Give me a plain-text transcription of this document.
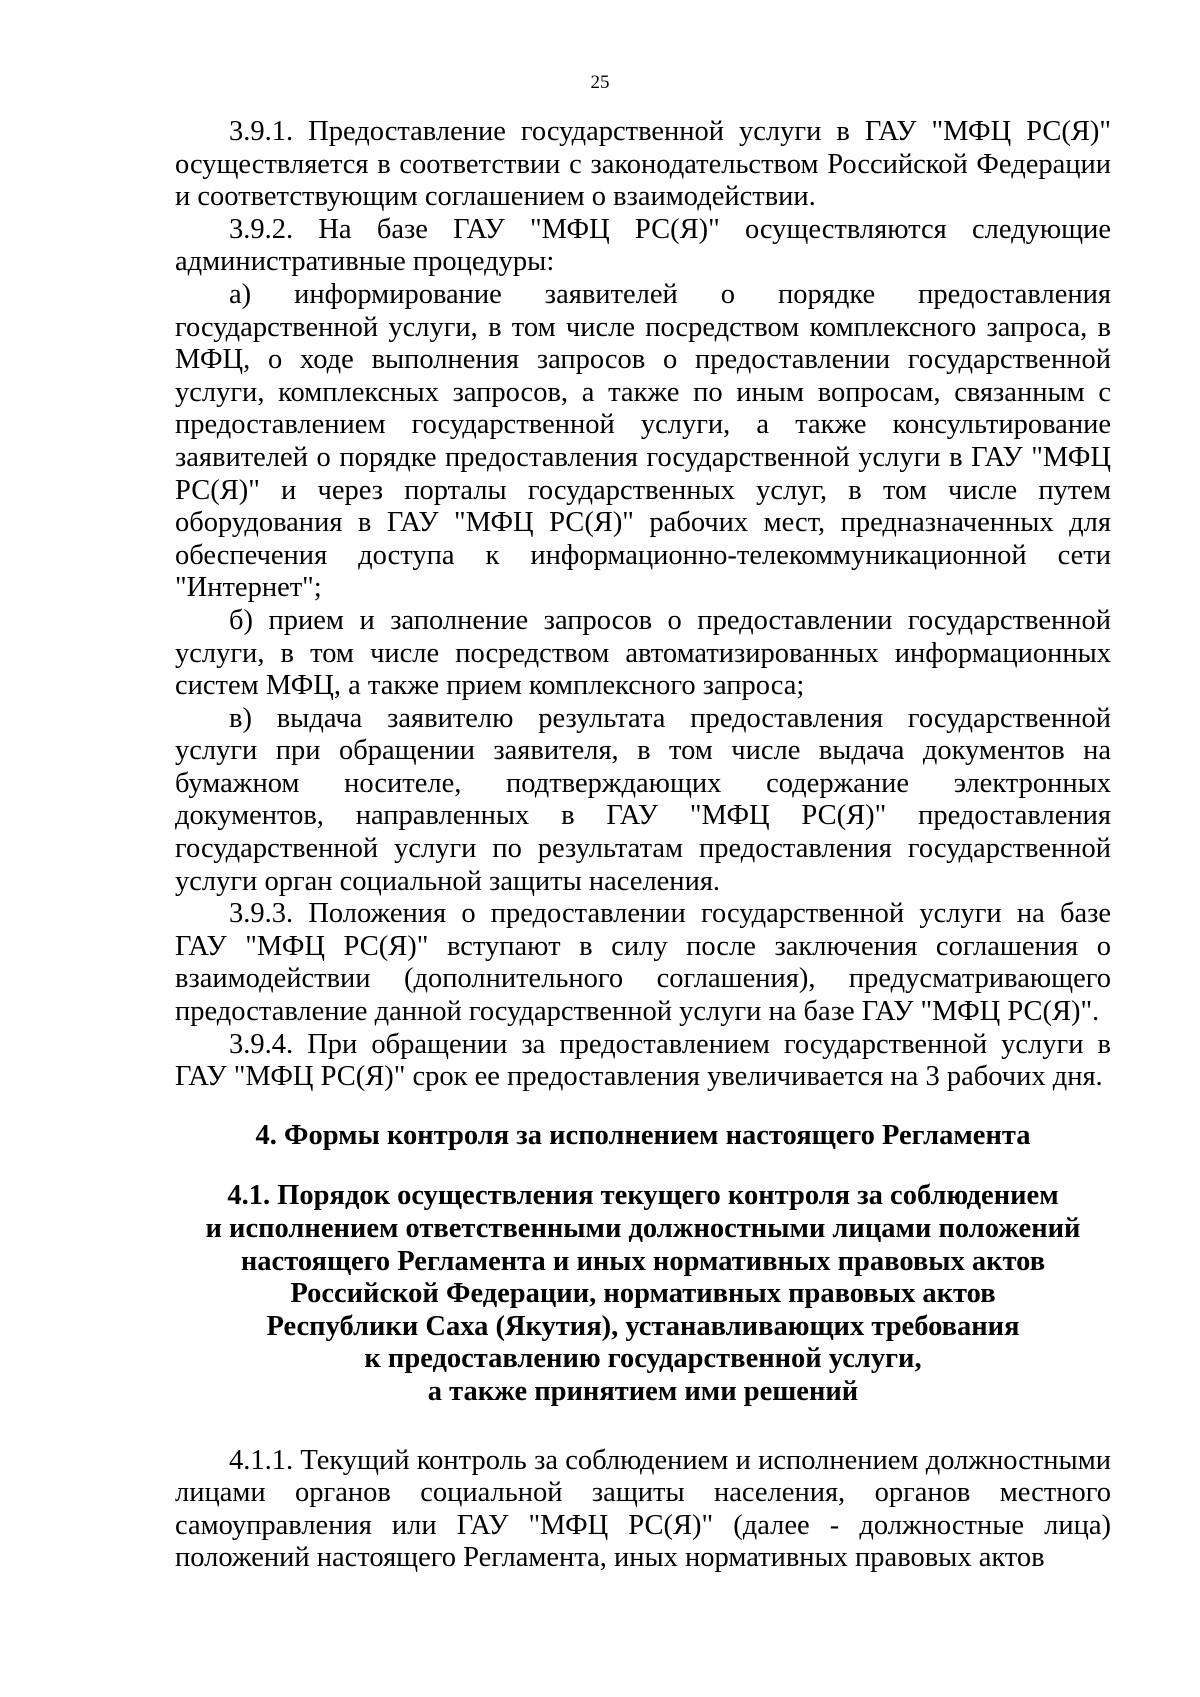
25

3.9.1. Предоставление государственной услуги в ГАУ "МФЦ РС(Я)" осуществляется в соответствии с законодательством Российской Федерации и соответствующим соглашением о взаимодействии.

3.9.2. На базе ГАУ "МФЦ РС(Я)" осуществляются следующие административные процедуры:

а) информирование заявителей о порядке предоставления государственной услуги, в том числе посредством комплексного запроса, в МФЦ, о ходе выполнения запросов о предоставлении государственной услуги, комплексных запросов, а также по иным вопросам, связанным с предоставлением государственной услуги, а также консультирование заявителей о порядке предоставления государственной услуги в ГАУ "МФЦ РС(Я)" и через порталы государственных услуг, в том числе путем оборудования в ГАУ "МФЦ РС(Я)" рабочих мест, предназначенных для обеспечения доступа к информационно-телекоммуникационной сети "Интернет";

б) прием и заполнение запросов о предоставлении государственной услуги, в том числе посредством автоматизированных информационных систем МФЦ, а также прием комплексного запроса;

в) выдача заявителю результата предоставления государственной услуги при обращении заявителя, в том числе выдача документов на бумажном носителе, подтверждающих содержание электронных документов, направленных в ГАУ "МФЦ РС(Я)" предоставления государственной услуги по результатам предоставления государственной услуги орган социальной защиты населения.

3.9.3. Положения о предоставлении государственной услуги на базе ГАУ "МФЦ РС(Я)" вступают в силу после заключения соглашения о взаимодействии (дополнительного соглашения), предусматривающего предоставление данной государственной услуги на базе ГАУ "МФЦ РС(Я)".

3.9.4. При обращении за предоставлением государственной услуги в ГАУ "МФЦ РС(Я)" срок ее предоставления увеличивается на 3 рабочих дня.

4. Формы контроля за исполнением настоящего Регламента
4.1. Порядок осуществления текущего контроля за соблюдением
и исполнением ответственными должностными лицами положений
настоящего Регламента и иных нормативных правовых актов
Российской Федерации, нормативных правовых актов
Республики Саха (Якутия), устанавливающих требования
к предоставлению государственной услуги,
а также принятием ими решений

4.1.1. Текущий контроль за соблюдением и исполнением должностными лицами органов социальной защиты населения, органов местного самоуправления или ГАУ "МФЦ РС(Я)" (далее - должностные лица) положений настоящего Регламента, иных нормативных правовых актов
